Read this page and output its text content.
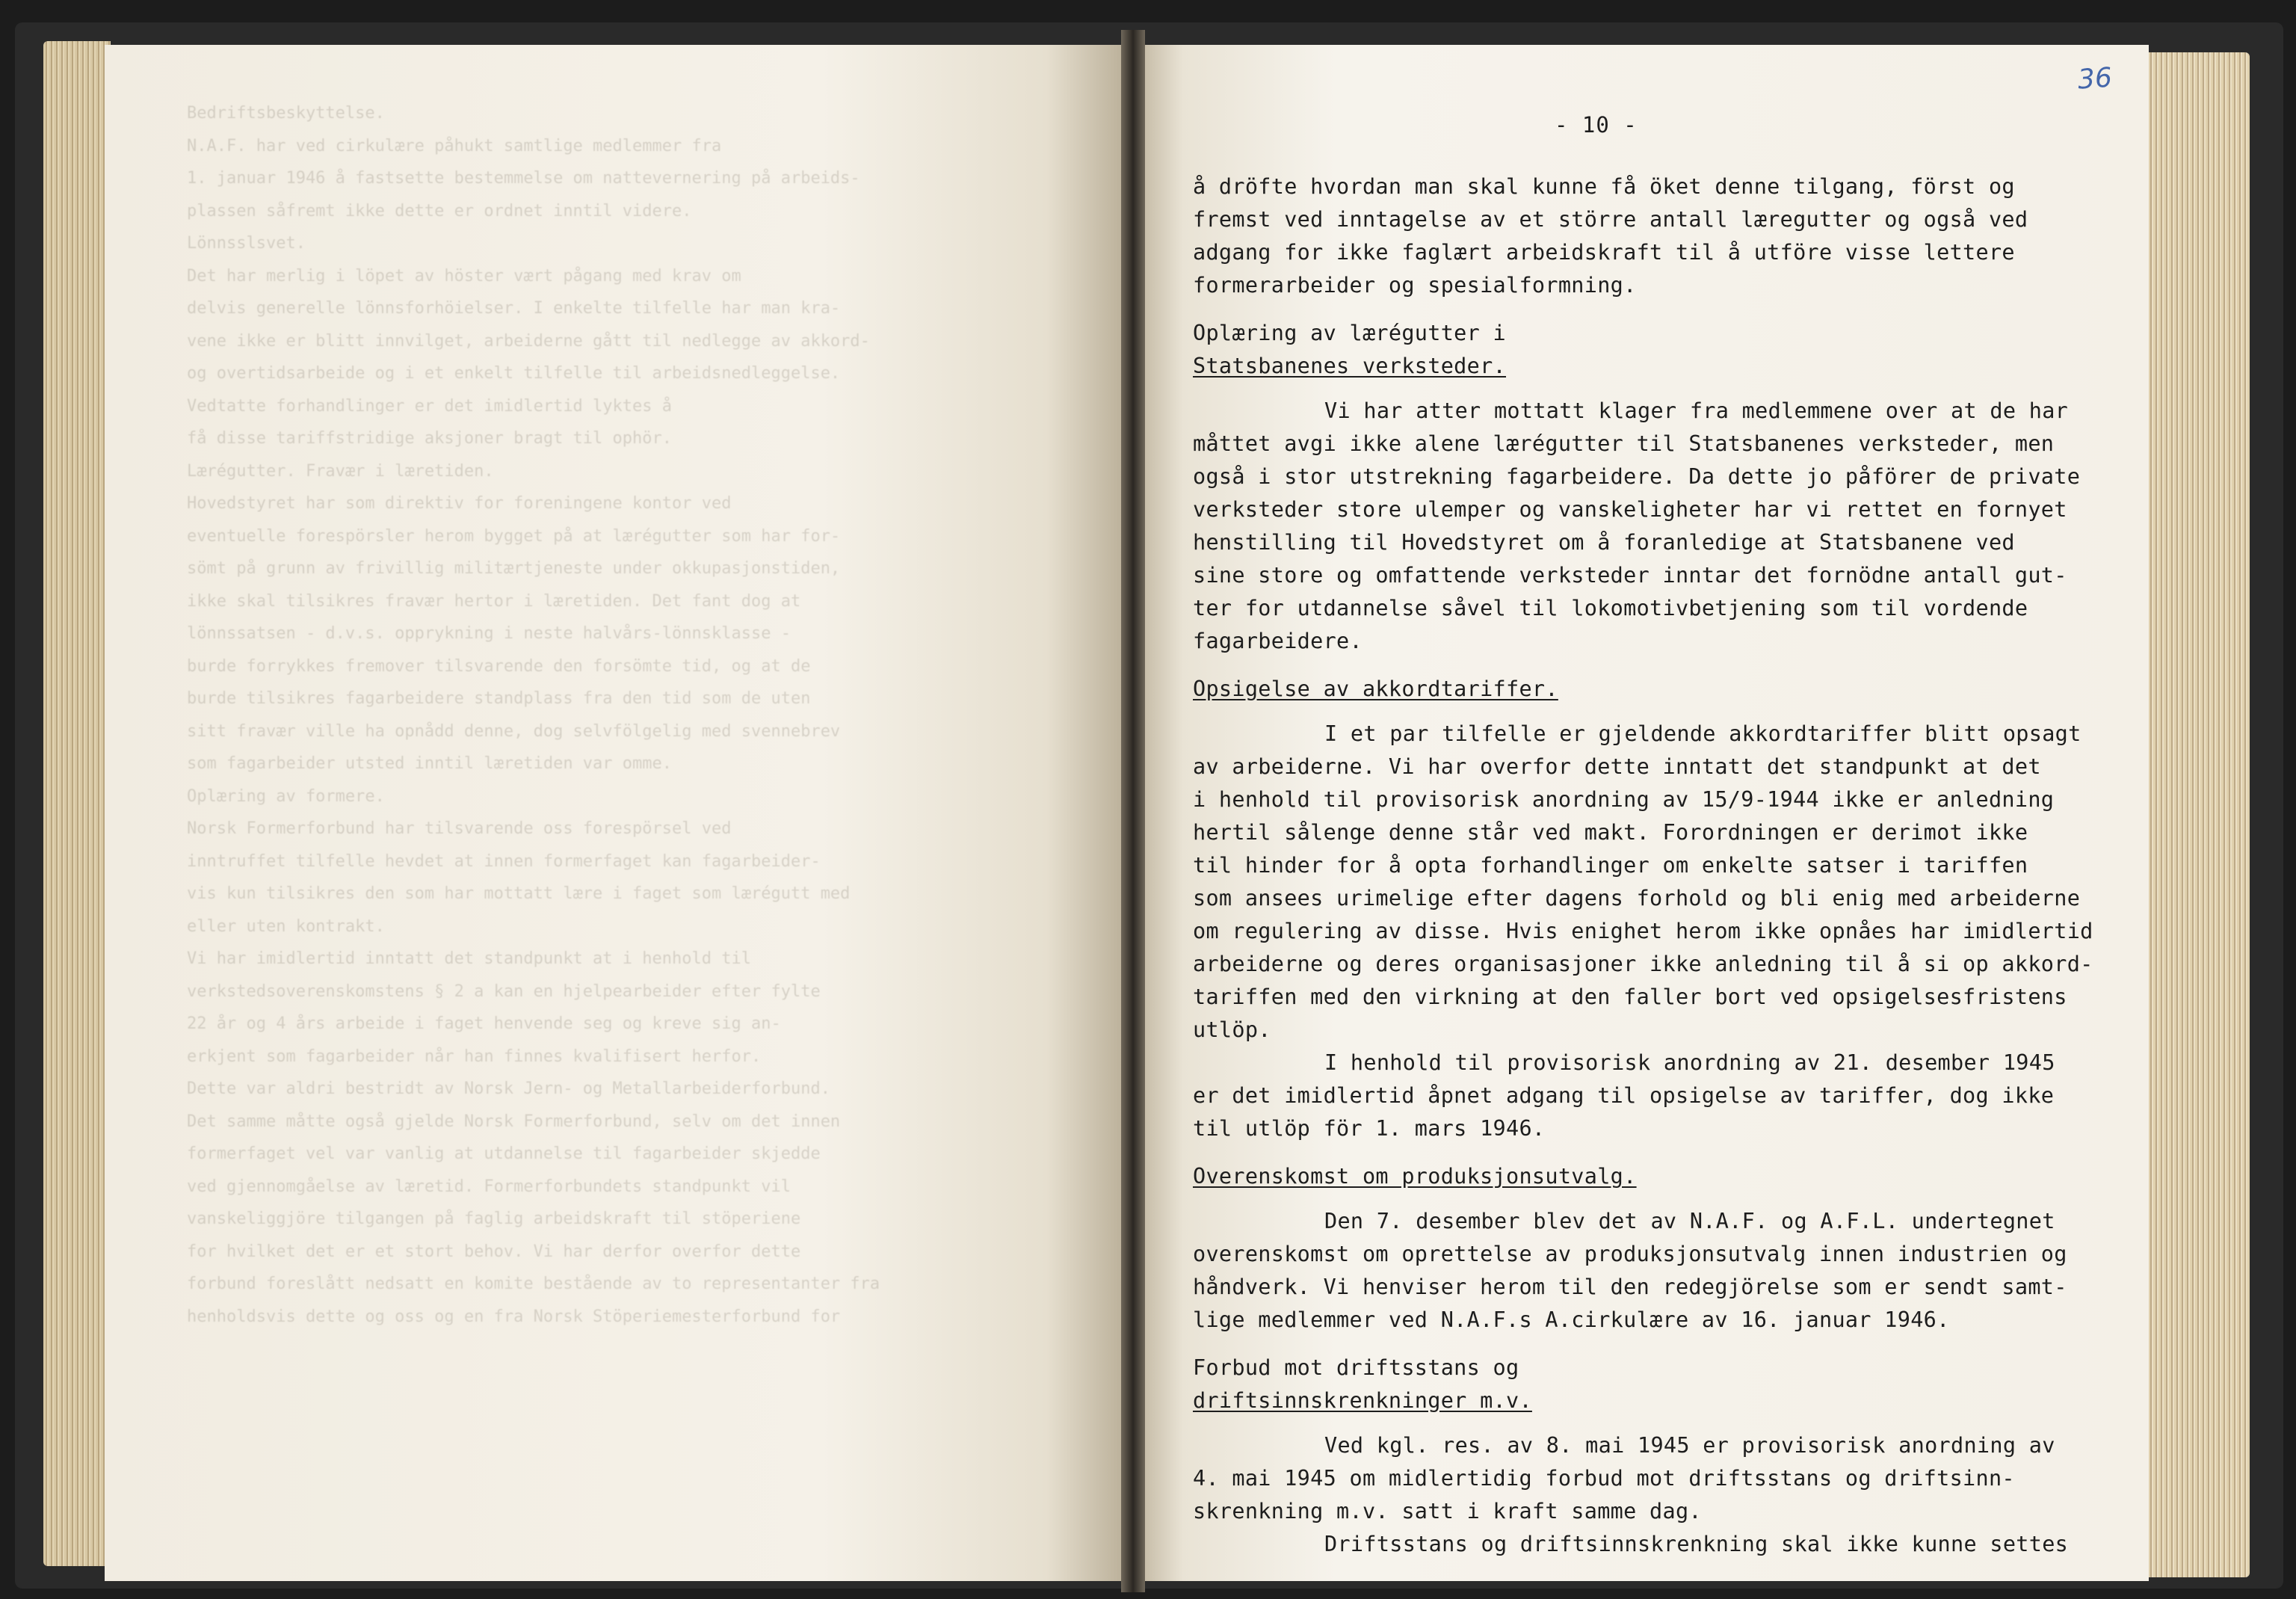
Bedriftsbeskyttelse.
N.A.F. har ved cirkulære påhukt samtlige medlemmer fra
1. januar 1946 å fastsette bestemmelse om nattevernering på arbeids-
plassen såfremt ikke dette er ordnet inntil videre.
Lönnsslsvet.
Det har merlig i löpet av höster vært pågang med krav om
delvis generelle lönnsforhöielser. I enkelte tilfelle har man kra-
vene ikke er blitt innvilget, arbeiderne gått til nedlegge av akkord-
og overtidsarbeide og i et enkelt tilfelle til arbeidsnedleggelse.
Vedtatte forhandlinger er det imidlertid lyktes å
få disse tariffstridige aksjoner bragt til ophör.
Lærégutter. Fravær i læretiden.
Hovedstyret har som direktiv for foreningene kontor ved
eventuelle forespörsler herom bygget på at lærégutter som har for-
sömt på grunn av frivillig militærtjeneste under okkupasjonstiden,
ikke skal tilsikres fravær hertor i læretiden. Det fant dog at
lönnssatsen - d.v.s. opprykning i neste halvårs-lönnsklasse -
burde forrykkes fremover tilsvarende den forsömte tid, og at de
burde tilsikres fagarbeidere standplass fra den tid som de uten
sitt fravær ville ha opnådd denne, dog selvfölgelig med svennebrev
som fagarbeider utsted inntil læretiden var omme.
Oplæring av formere.
Norsk Formerforbund har tilsvarende oss forespörsel ved
inntruffet tilfelle hevdet at innen formerfaget kan fagarbeider-
vis kun tilsikres den som har mottatt lære i faget som lærégutt med
eller uten kontrakt.
Vi har imidlertid inntatt det standpunkt at i henhold til
verkstedsoverenskomstens § 2 a kan en hjelpearbeider efter fylte
22 år og 4 års arbeide i faget henvende seg og kreve sig an-
erkjent som fagarbeider når han finnes kvalifisert herfor.
Dette var aldri bestridt av Norsk Jern- og Metallarbeiderforbund.
Det samme måtte også gjelde Norsk Formerforbund, selv om det innen
formerfaget vel var vanlig at utdannelse til fagarbeider skjedde
ved gjennomgåelse av læretid. Formerforbundets standpunkt vil
vanskeliggjöre tilgangen på faglig arbeidskraft til stöperiene
for hvilket det er et stort behov. Vi har derfor overfor dette
forbund foreslått nedsatt en komite bestående av to representanter fra
henholdsvis dette og oss og en fra Norsk Stöperiemesterforbund for
36
- 10 -
å dröfte hvordan man skal kunne få öket denne tilgang, först og
fremst ved inntagelse av et större antall læregutter og også ved
adgang for ikke faglært arbeidskraft til å utföre visse lettere
formerarbeider og spesialformning.
Oplæring av lærégutter i
Statsbanenes verksteder.
Vi har atter mottatt klager fra medlemmene over at de har
måttet avgi ikke alene lærégutter til Statsbanenes verksteder, men
også i stor utstrekning fagarbeidere. Da dette jo påförer de private
verksteder store ulemper og vanskeligheter har vi rettet en fornyet
henstilling til Hovedstyret om å foranledige at Statsbanene ved
sine store og omfattende verksteder inntar det fornödne antall gut-
ter for utdannelse såvel til lokomotivbetjening som til vordende
fagarbeidere.
Opsigelse av akkordtariffer.
I et par tilfelle er gjeldende akkordtariffer blitt opsagt
av arbeiderne. Vi har overfor dette inntatt det standpunkt at det
i henhold til provisorisk anordning av 15/9-1944 ikke er anledning
hertil sålenge denne står ved makt. Forordningen er derimot ikke
til hinder for å opta forhandlinger om enkelte satser i tariffen
som ansees urimelige efter dagens forhold og bli enig med arbeiderne
om regulering av disse. Hvis enighet herom ikke opnåes har imidlertid
arbeiderne og deres organisasjoner ikke anledning til å si op akkord-
tariffen med den virkning at den faller bort ved opsigelsesfristens
utlöp.
I henhold til provisorisk anordning av 21. desember 1945
er det imidlertid åpnet adgang til opsigelse av tariffer, dog ikke
til utlöp för 1. mars 1946.
Overenskomst om produksjonsutvalg.
Den 7. desember blev det av N.A.F. og A.F.L. undertegnet
overenskomst om oprettelse av produksjonsutvalg innen industrien og
håndverk. Vi henviser herom til den redegjörelse som er sendt samt-
lige medlemmer ved N.A.F.s A.cirkulære av 16. januar 1946.
Forbud mot driftsstans og
driftsinnskrenkninger m.v.
Ved kgl. res. av 8. mai 1945 er provisorisk anordning av
4. mai 1945 om midlertidig forbud mot driftsstans og driftsinn-
skrenkning m.v. satt i kraft samme dag.
Driftsstans og driftsinnskrenkning skal ikke kunne settes
